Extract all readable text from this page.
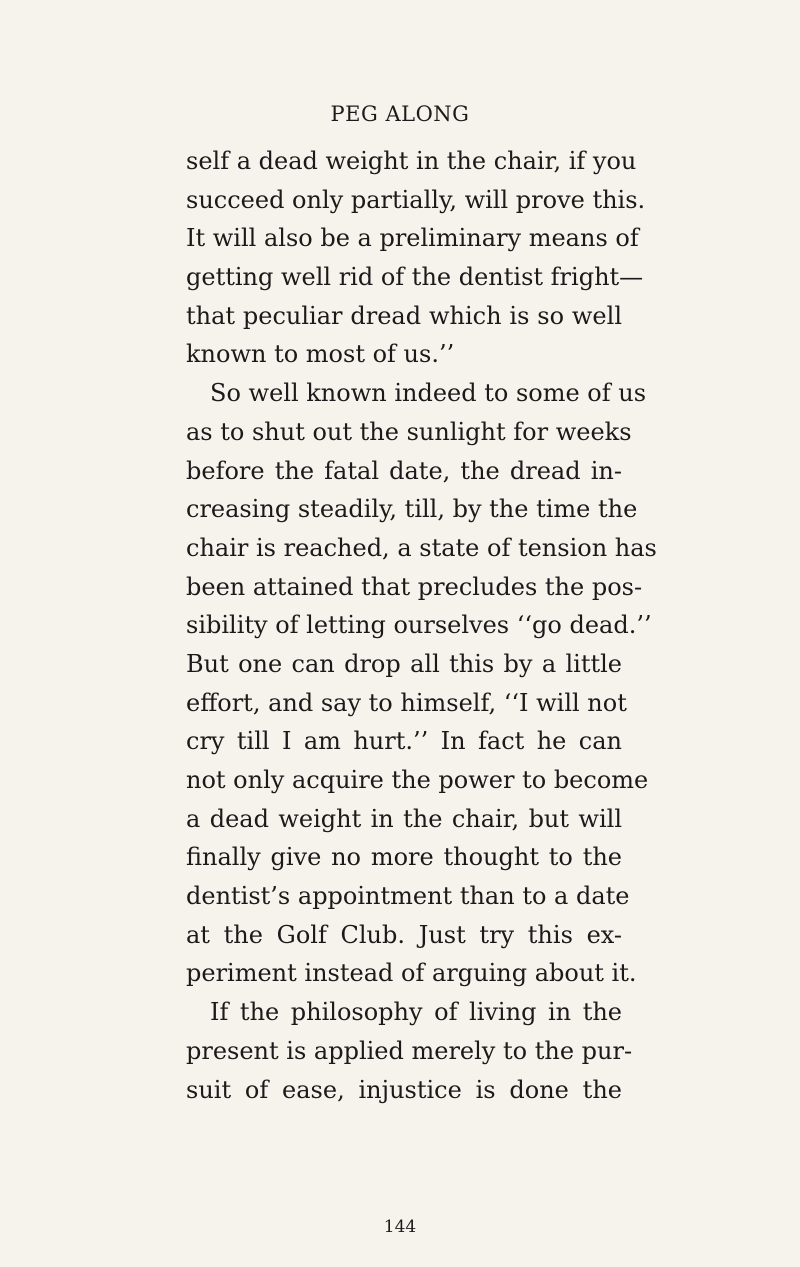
PEG ALONG
self a dead weight in the chair, if you
succeed only partially, will prove this.
It will also be a preliminary means of
getting well rid of the dentist fright—
that peculiar dread which is so well
known to most of us.’’
So well known indeed to some of us
as to shut out the sunlight for weeks
before the fatal date, the dread in-
creasing steadily, till, by the time the
chair is reached, a state of tension has
been attained that precludes the pos-
sibility of letting ourselves ‘‘go dead.’’
But one can drop all this by a little
effort, and say to himself, ‘‘I will not
cry till I am hurt.’’ In fact he can
not only acquire the power to become
a dead weight in the chair, but will
finally give no more thought to the
dentist’s appointment than to a date
at the Golf Club. Just try this ex-
periment instead of arguing about it.
If the philosophy of living in the
present is applied merely to the pur-
suit of ease, injustice is done the
144
